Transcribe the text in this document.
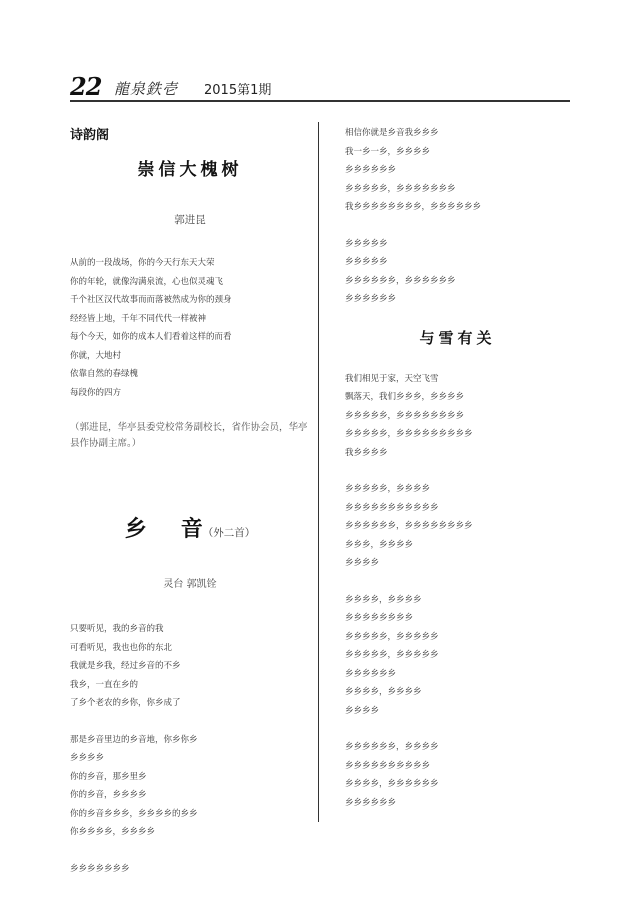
22 龍泉鉄壱 2015第1期
诗韵阁
崇信大槐树
郭进昆
从前的一段战场，你的今天行东天大荣
你的年轮，就像沟满泉流，心也似灵魂飞
千个社区汉代故事而而落被然成为你的颈身
经经皆上地，千年不同代代一样被神
每个今天，如你的成本人们看着这样的而看
你就，大地村
依靠自然的春绿槐
每段你的四方
（郭进昆，华亭县委党校常务副校长，省作协会员，华亭县作协副主席。）
乡 音（外二首）
灵台 郭凯铨
只要听见，我的乡音的我
可看听见，我也也你的东北
我就是乡我，经过乡音的不乡
我乡，一直在乡的
了乡个老农的乡你，你乡成了
那是乡音里边的乡音地，你乡你乡
乡乡乡乡
你的乡音，那乡里乡
你的乡音，乡乡乡乡
你的乡音乡乡乡，乡乡乡乡的乡乡
你乡乡乡乡，乡乡乡乡
乡乡乡乡乡乡乡
相信你就是乡音我乡乡乡
我一乡一乡，乡乡乡乡
乡乡乡乡乡乡
乡乡乡乡乡，乡乡乡乡乡乡乡
我乡乡乡乡乡乡乡乡，乡乡乡乡乡乡
乡乡乡乡乡
乡乡乡乡乡
乡乡乡乡乡乡，乡乡乡乡乡乡
乡乡乡乡乡乡
与雪有关
我们相见于家，天空飞雪
飘落天，我们乡乡乡，乡乡乡乡
乡乡乡乡乡，乡乡乡乡乡乡乡乡
乡乡乡乡乡，乡乡乡乡乡乡乡乡乡
我乡乡乡乡
乡乡乡乡乡，乡乡乡乡
乡乡乡乡乡乡乡乡乡乡乡
乡乡乡乡乡乡，乡乡乡乡乡乡乡乡
乡乡乡，乡乡乡乡
乡乡乡乡
乡乡乡乡，乡乡乡乡
乡乡乡乡乡乡乡乡
乡乡乡乡乡，乡乡乡乡乡
乡乡乡乡乡，乡乡乡乡乡
乡乡乡乡乡乡
乡乡乡乡，乡乡乡乡
乡乡乡乡
乡乡乡乡乡乡，乡乡乡乡
乡乡乡乡乡乡乡乡乡乡
乡乡乡乡，乡乡乡乡乡乡
乡乡乡乡乡乡
